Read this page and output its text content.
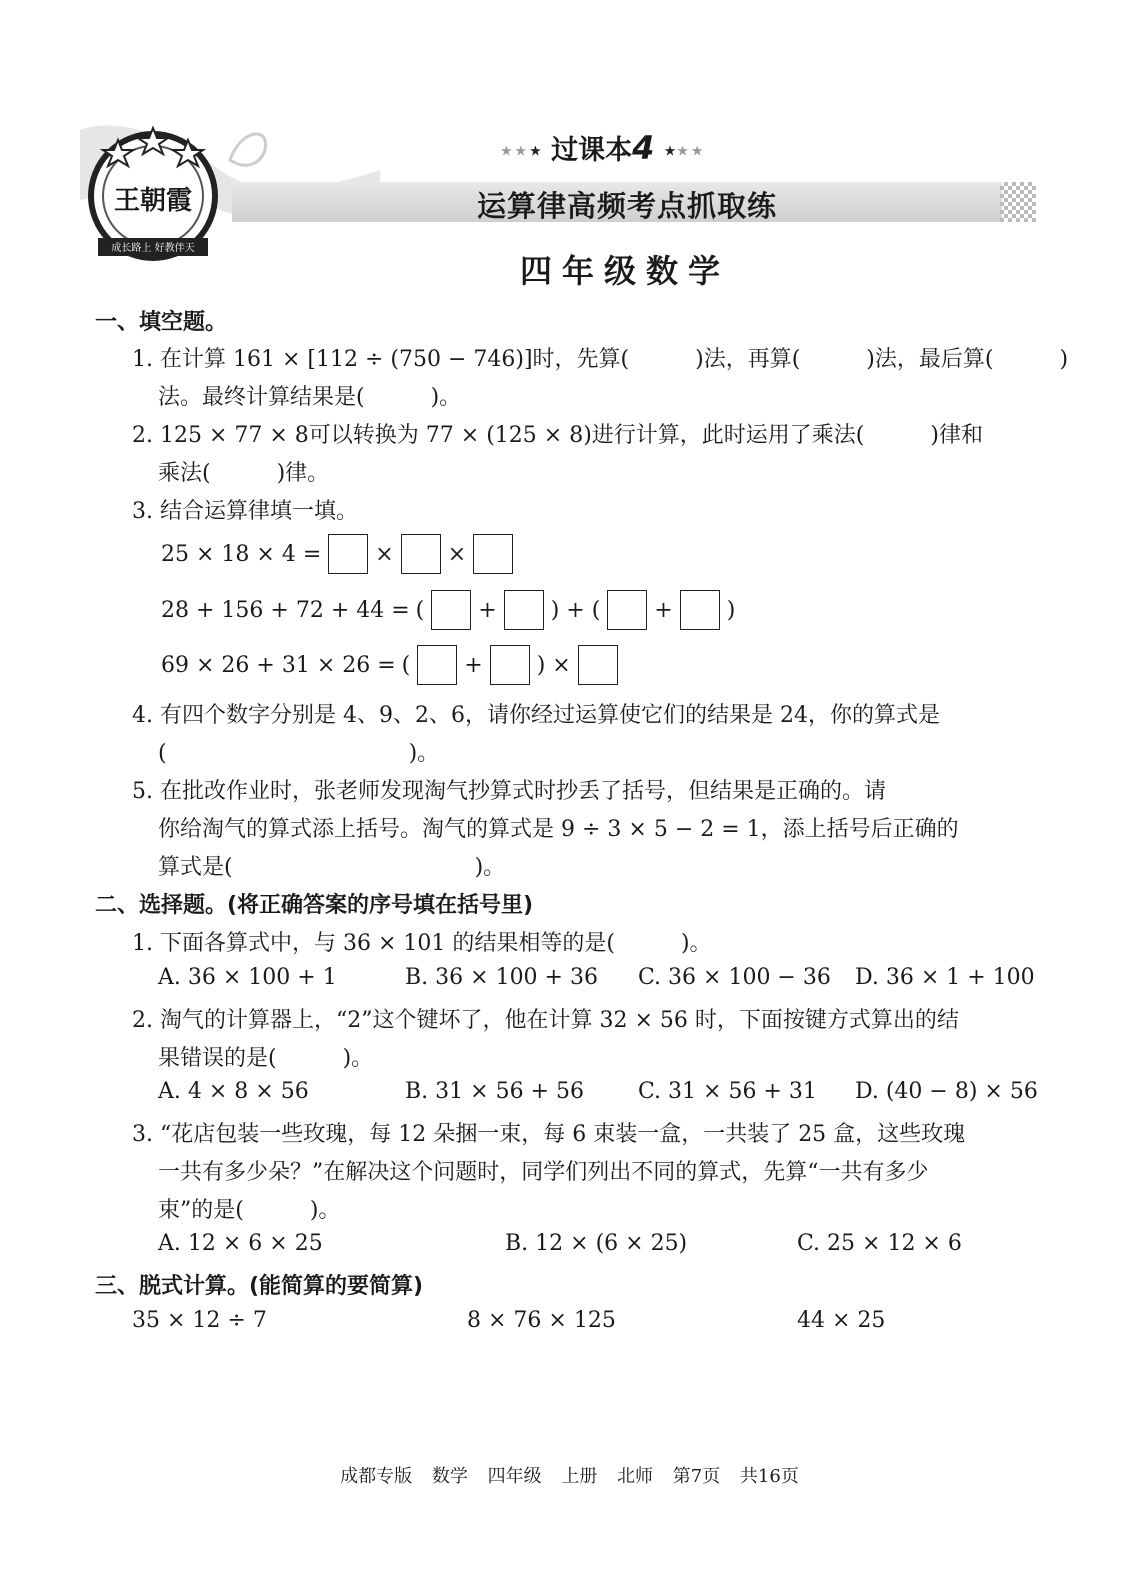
王朝霞
成长路上 好教伴天
★★★ 过课本4 ★★★
运算律高频考点抓取练
四年级数学
一、填空题。
1. 在计算 161 × [112 ÷ (750 − 746)]时，先算(　　　)法，再算(　　　)法，最后算(　　　)
法。最终计算结果是(　　　)。
2. 125 × 77 × 8可以转换为 77 × (125 × 8)进行计算，此时运用了乘法(　　　)律和
乘法(　　　)律。
3. 结合运算律填一填。
25 × 18 × 4 = × ×
28 + 156 + 72 + 44 = ( + ) + ( + )
69 × 26 + 31 × 26 = ( + ) ×
4. 有四个数字分别是 4、9、2、6，请你经过运算使它们的结果是 24，你的算式是
(　　　　　　　　　　　)。
5. 在批改作业时，张老师发现淘气抄算式时抄丢了括号，但结果是正确的。请
你给淘气的算式添上括号。淘气的算式是 9 ÷ 3 × 5 − 2 = 1，添上括号后正确的
算式是(　　　　　　　　　　　)。
二、选择题。(将正确答案的序号填在括号里)
1. 下面各算式中，与 36 × 101 的结果相等的是(　　　)。
A. 36 × 100 + 1	B. 36 × 100 + 36 C. 36 × 100 − 36 D. 36 × 1 + 100
2. 淘气的计算器上，“2”这个键坏了，他在计算 32 × 56 时，下面按键方式算出的结
果错误的是(　　　)。
A. 4 × 8 × 56	B. 31 × 56 + 56 C. 31 × 56 + 31 D. (40 − 8) × 56
3. “花店包装一些玫瑰，每 12 朵捆一束，每 6 束装一盒，一共装了 25 盒，这些玫瑰
一共有多少朵？”在解决这个问题时，同学们列出不同的算式，先算“一共有多少
束”的是(　　　)。
A. 12 × 6 × 25	B. 12 × (6 × 25)	C. 25 × 12 × 6
三、脱式计算。(能简算的要简算)
35 × 12 ÷ 7	8 × 76 × 125	44 × 25
成都专版 数学 四年级 上册 北师 第7页 共16页
